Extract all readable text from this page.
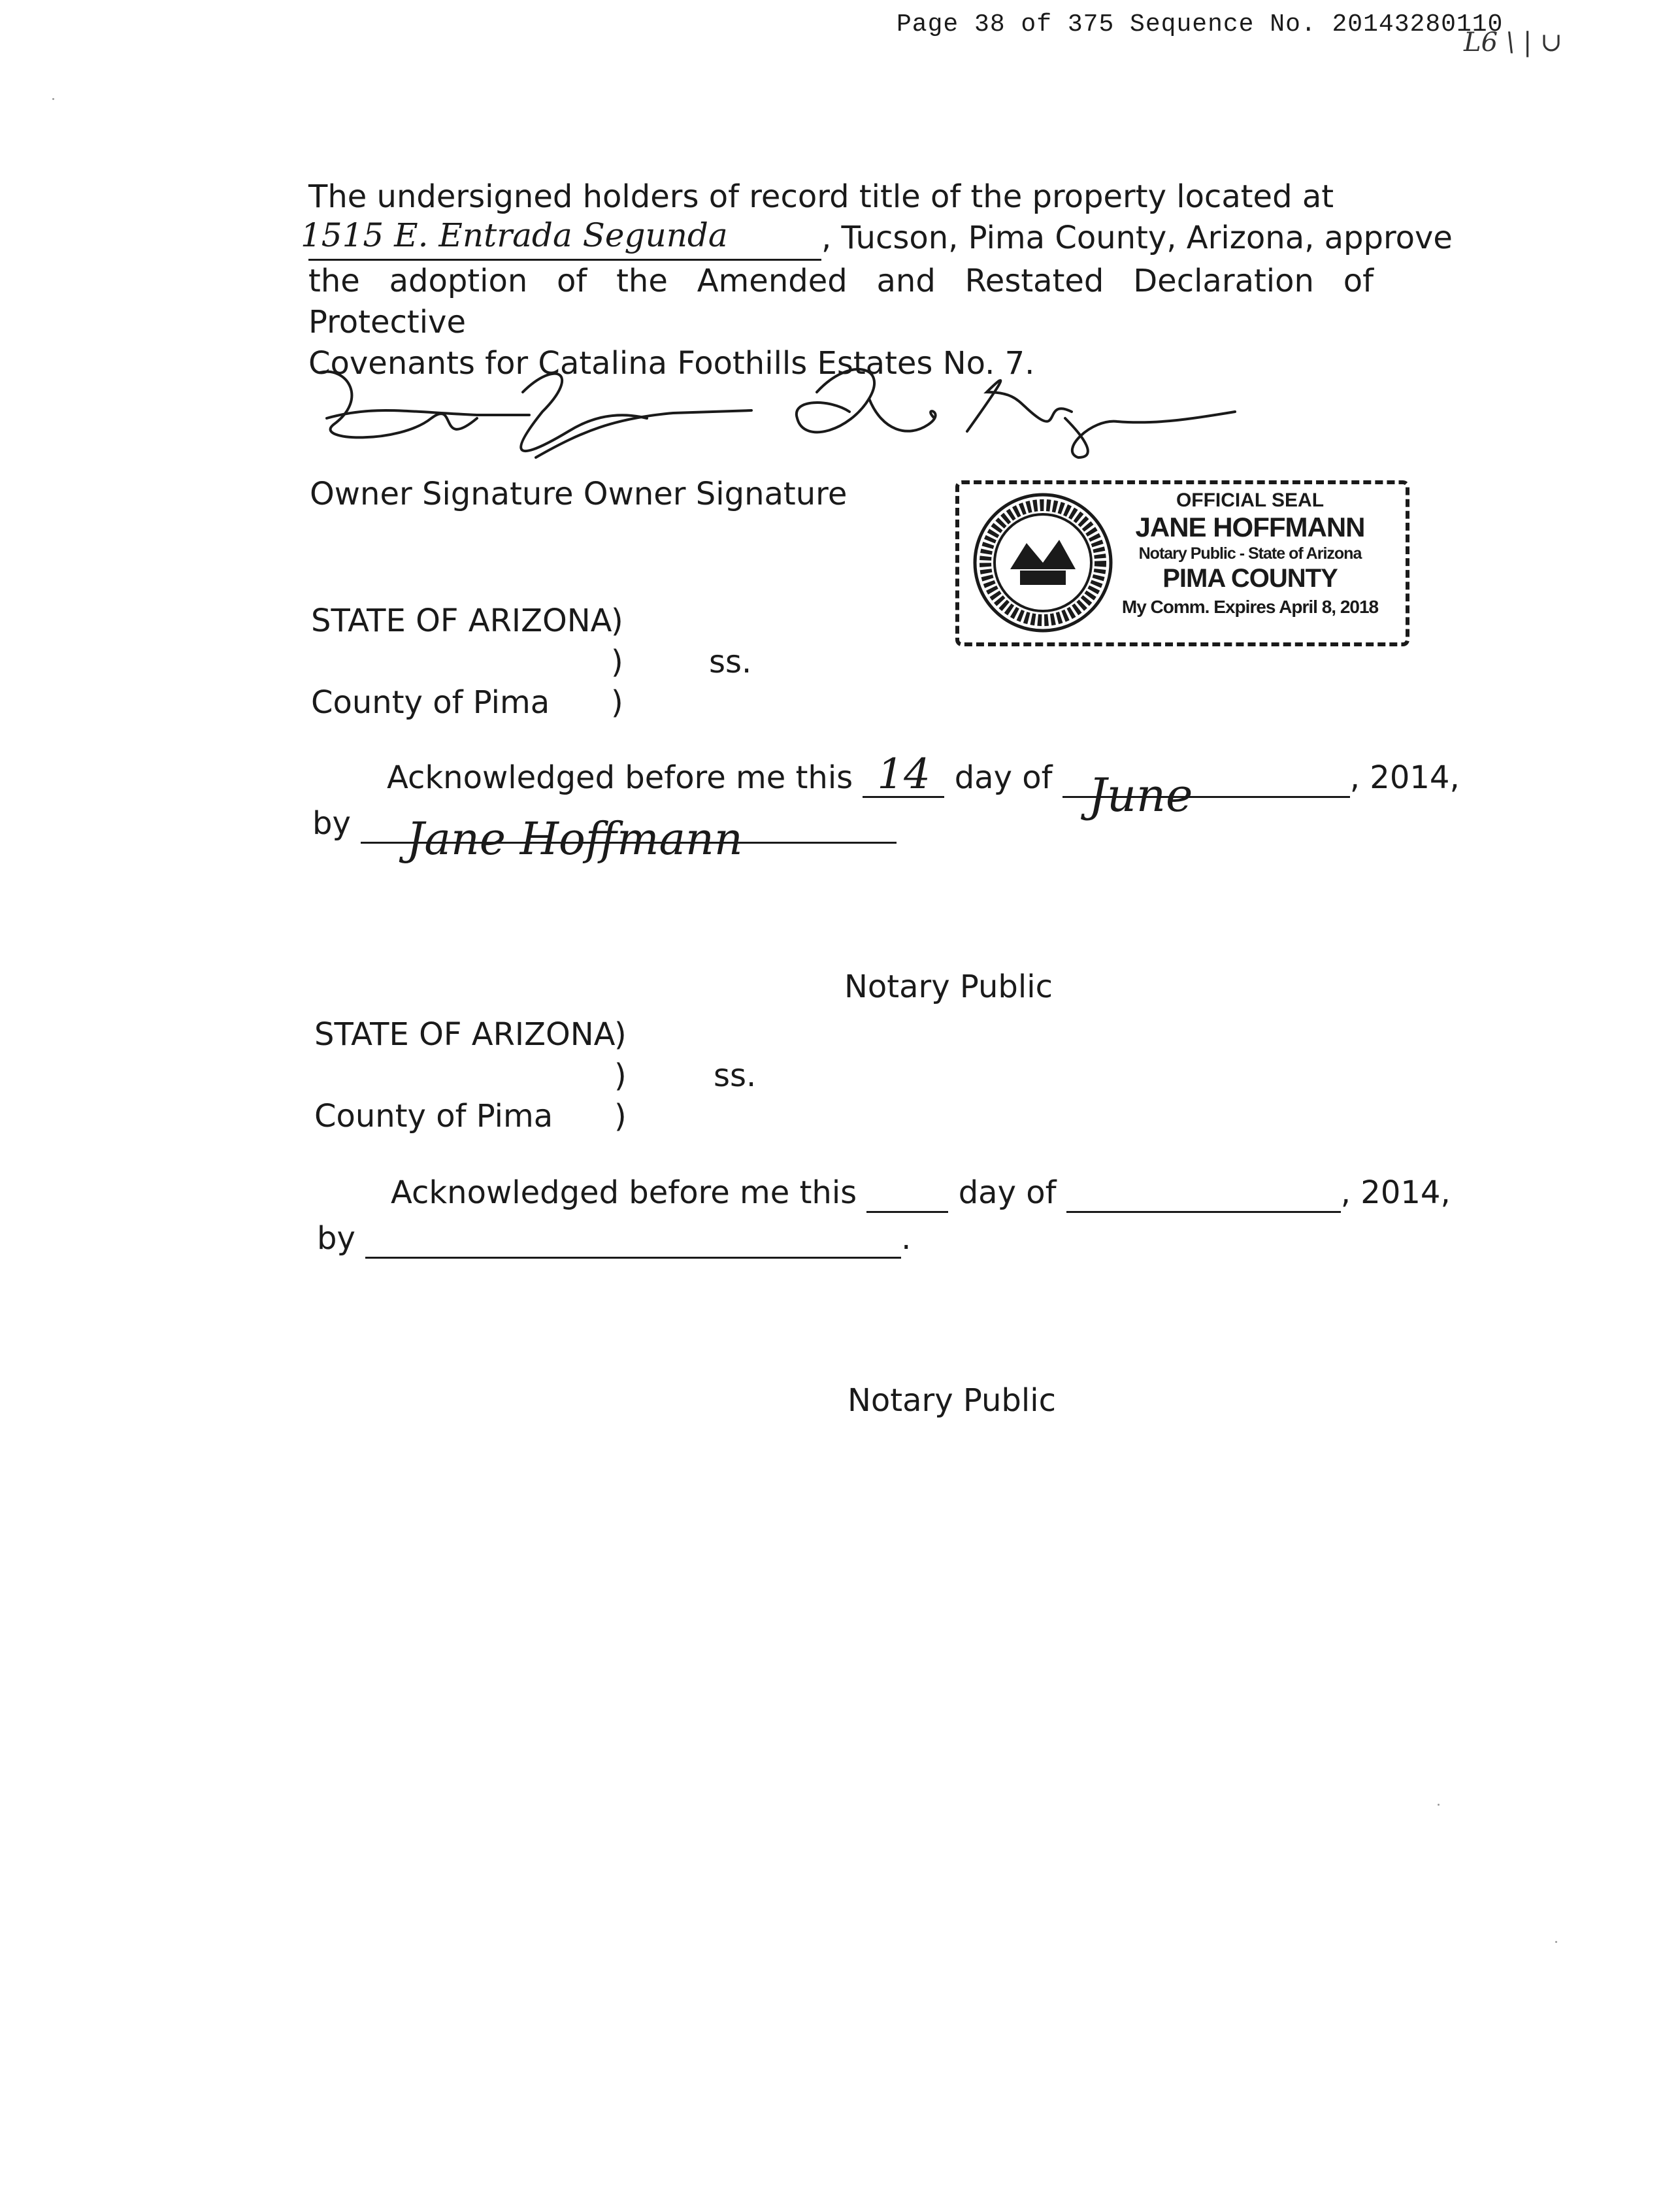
Page 38 of 375 Sequence No. 20143280110
L6 \ | ∪
The undersigned holders of record title of the property located at
1515 E. Entrada Segunda	, Tucson, Pima County, Arizona, approve
the adoption of the Amended and Restated Declaration of Protective
Covenants for Catalina Foothills Estates No. 7.
Owner Signature Owner Signature	OFFICIAL SEAL
JANE HOFFMANN
Notary Public - State of Arizona
PIMA COUNTY
My Comm. Expires April 8, 2018
STATE OF ARIZONA
)
)	ss.
County of Pima )
Acknowledged before me this 14 day of June	, 2014,
by Jane Hoffmann

Notary Public
STATE OF ARIZONA
)
)	ss.
County of Pima )
Acknowledged before me this	day of	, 2014,
by	.
Notary Public
